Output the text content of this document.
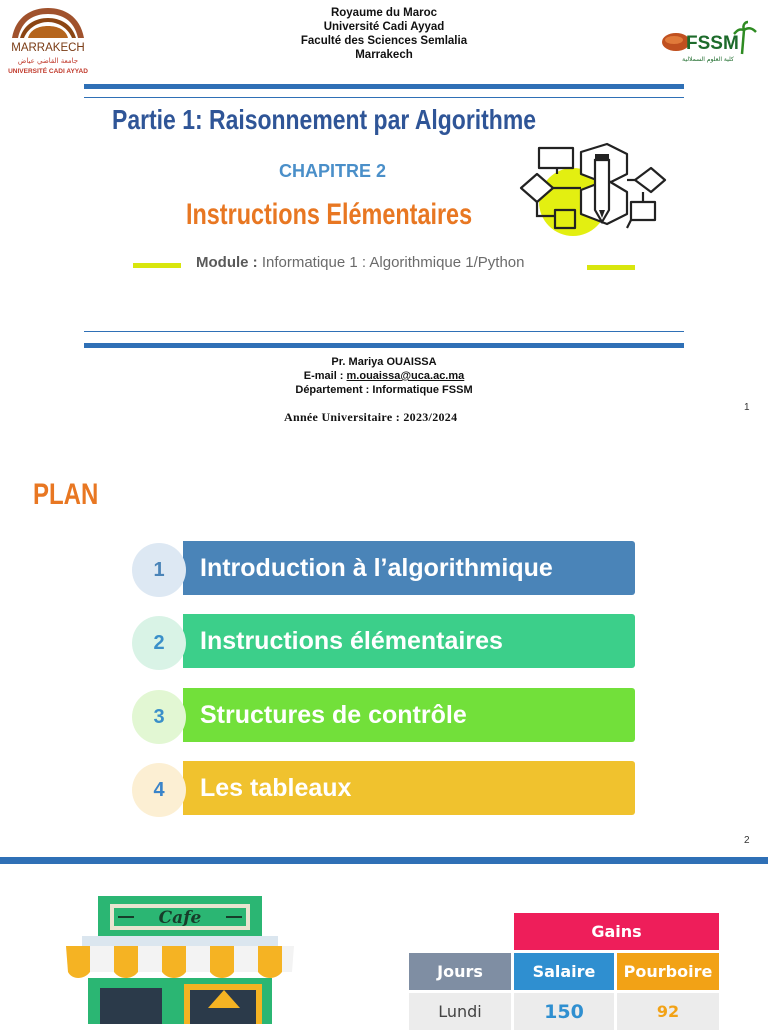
MARRAKECH
جامعة القاضي عياض
UNIVERSITÉ CADI AYYAD
Royaume du Maroc
Université Cadi Ayyad
Faculté des Sciences Semlalia
Marrakech
FSSM
كلية العلوم السملالية
Partie 1: Raisonnement par Algorithme
CHAPITRE 2
Instructions Elémentaires
Module : Informatique 1 : Algorithmique 1/Python
Pr. Mariya OUAISSA
E-mail : m.ouaissa@uca.ac.ma
Département : Informatique FSSM
Année Universitaire : 2023/2024
1
PLAN
Introduction à l’algorithmique
1
Instructions élémentaires
2
Structures de contrôle
3
Les tableaux
4
2
Cafe
	Gains	
Jours	Salaire	Pourboire
Lundi	150	92
